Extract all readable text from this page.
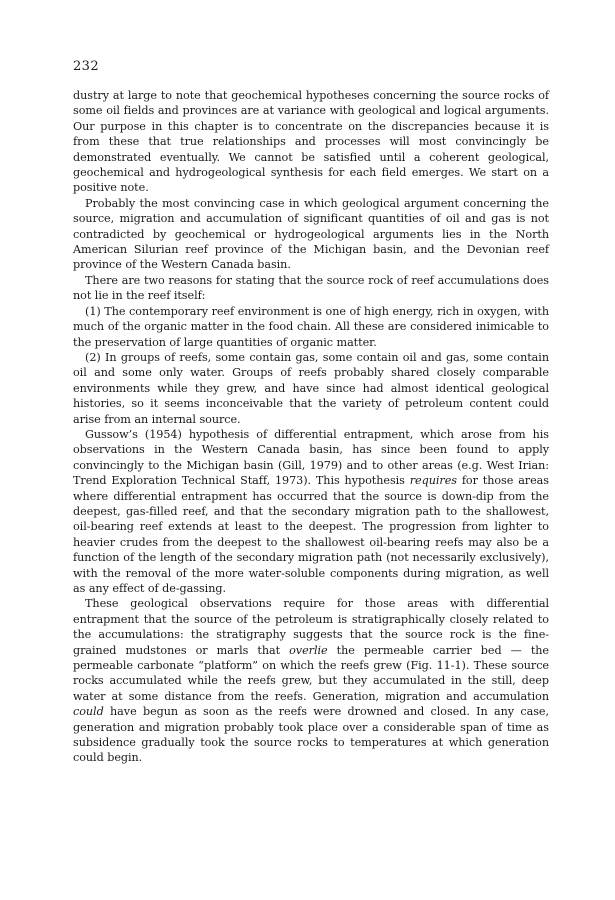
232

dustry at large to note that geochemical hypotheses concerning the source rocks of some oil fields and provinces are at variance with geological and logical arguments. Our purpose in this chapter is to concentrate on the discrepancies because it is from these that true relationships and processes will most convincingly be demonstrated eventually. We cannot be satisfied until a coherent geological, geochemical and hydrogeological synthesis for each field emerges. We start on a positive note.

Probably the most convincing case in which geological argument concerning the source, migration and accumulation of significant quantities of oil and gas is not contradicted by geochemical or hydrogeological arguments lies in the North American Silurian reef province of the Michigan basin, and the Devonian reef province of the Western Canada basin.

There are two reasons for stating that the source rock of reef accumulations does not lie in the reef itself:

(1) The contemporary reef environment is one of high energy, rich in oxygen, with much of the organic matter in the food chain. All these are considered inimicable to the preservation of large quantities of organic matter.

(2) In groups of reefs, some contain gas, some contain oil and gas, some contain oil and some only water. Groups of reefs probably shared closely comparable environments while they grew, and have since had almost identical geological histories, so it seems inconceivable that the variety of petroleum content could arise from an internal source.

Gussow’s (1954) hypothesis of differential entrapment, which arose from his observations in the Western Canada basin, has since been found to apply convincingly to the Michigan basin (Gill, 1979) and to other areas (e.g. West Irian: Trend Exploration Technical Staff, 1973). This hypothesis requires for those areas where differential entrapment has occurred that the source is down-dip from the deepest, gas-filled reef, and that the secondary migration path to the shallowest, oil-bearing reef extends at least to the deepest. The progression from lighter to heavier crudes from the deepest to the shallowest oil-bearing reefs may also be a function of the length of the secondary migration path (not necessarily exclusively), with the removal of the more water-soluble components during migration, as well as any effect of de-gassing.

These geological observations require for those areas with differential entrapment that the source of the petroleum is stratigraphically closely related to the accumulations: the stratigraphy suggests that the source rock is the fine-grained mudstones or marls that overlie the permeable carrier bed — the permeable carbonate “platform” on which the reefs grew (Fig. 11-1). These source rocks accumulated while the reefs grew, but they accumulated in the still, deep water at some distance from the reefs. Generation, migration and accumulation could have begun as soon as the reefs were drowned and closed. In any case, generation and migration probably took place over a considerable span of time as subsidence gradually took the source rocks to temperatures at which generation could begin.
